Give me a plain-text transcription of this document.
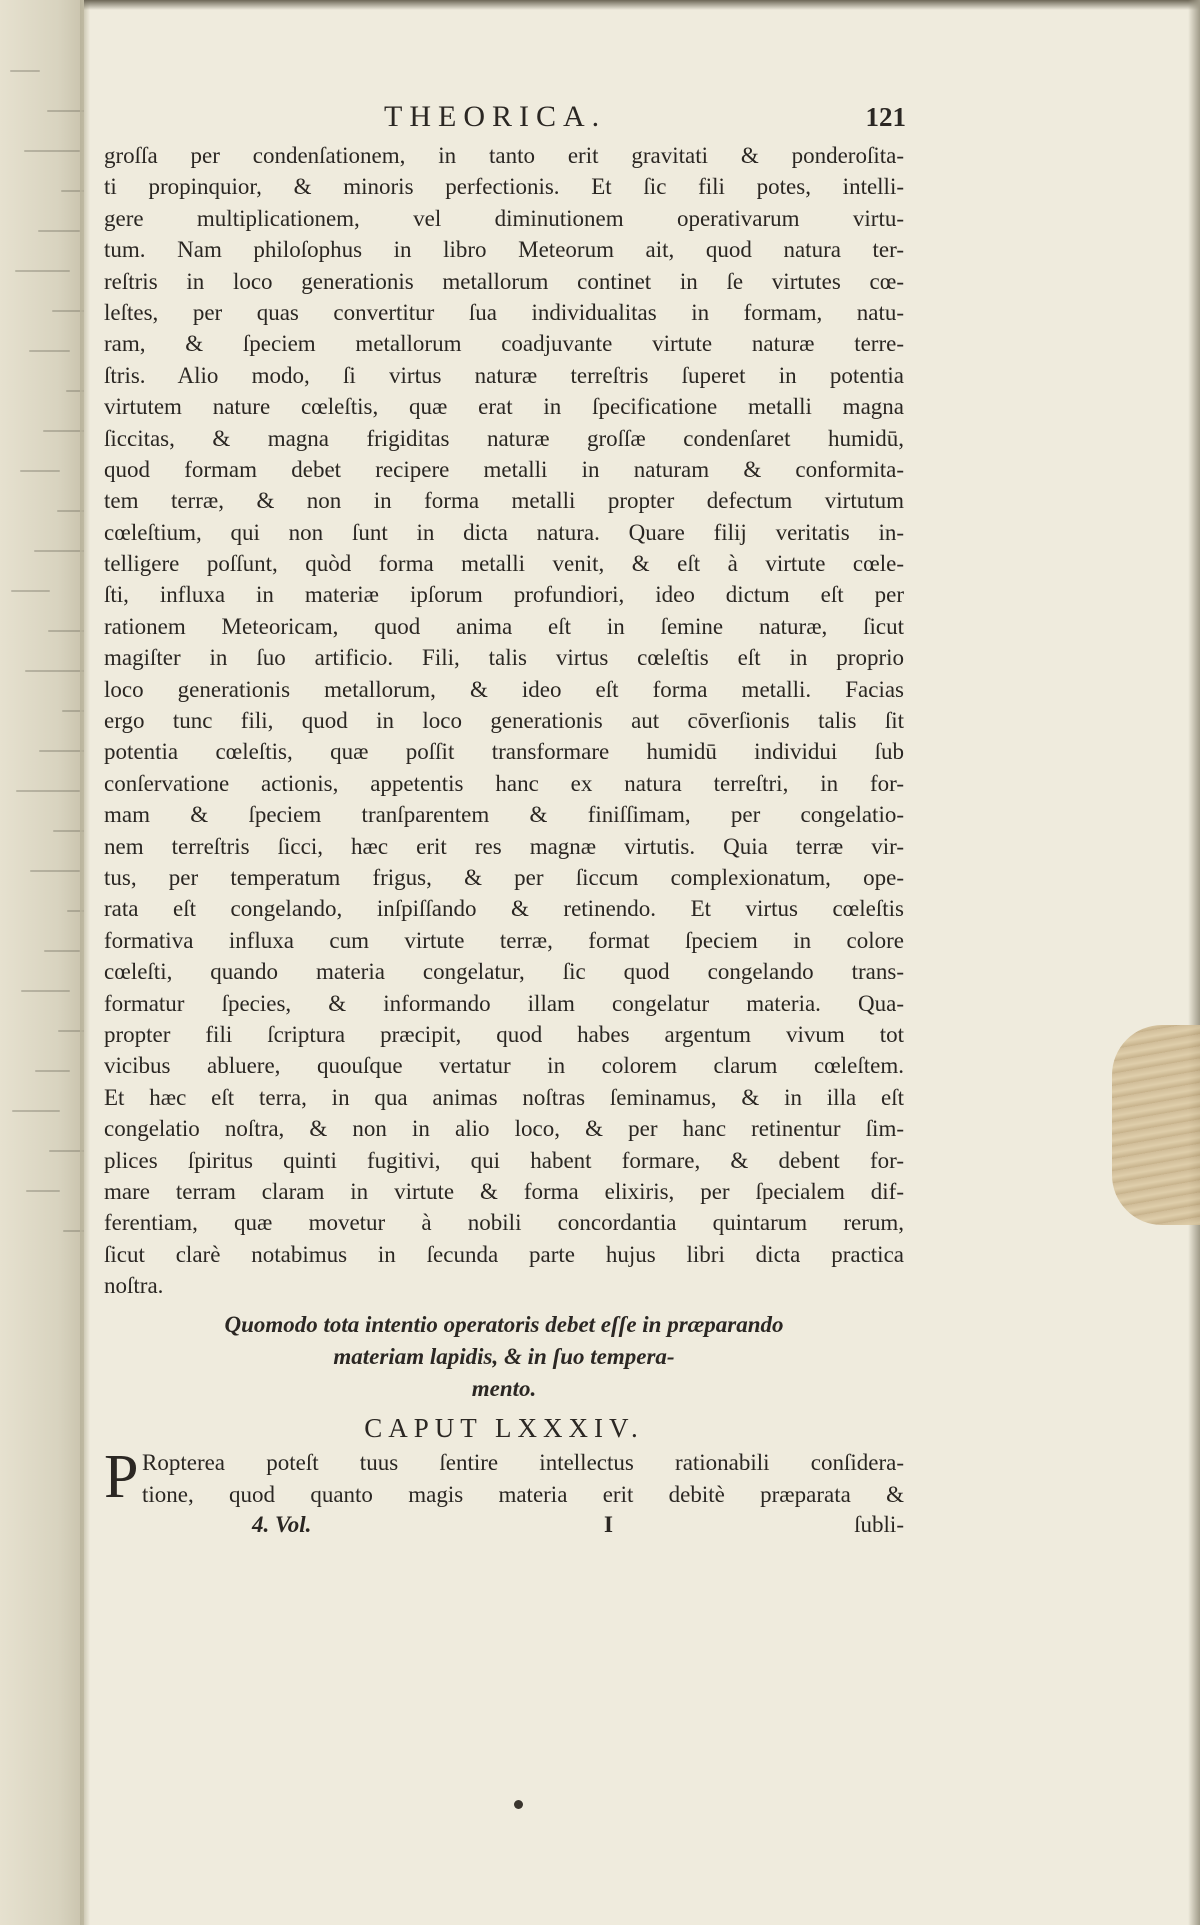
THEORICA.	121
groſſa per condenſationem, in tanto erit gravitati & ponderoſita-
ti propinquior, & minoris perfectionis. Et ſic fili potes, intelli-
gere multiplicationem, vel diminutionem operativarum virtu-
tum. Nam philoſophus in libro Meteorum ait, quod natura ter-
reſtris in loco generationis metallorum continet in ſe virtutes cœ-
leſtes, per quas convertitur ſua individualitas in formam, natu-
ram, & ſpeciem metallorum coadjuvante virtute naturæ terre-
ſtris. Alio modo, ſi virtus naturæ terreſtris ſuperet in potentia
virtutem nature cœleſtis, quæ erat in ſpecificatione metalli magna
ſiccitas, & magna frigiditas naturæ groſſæ condenſaret humidū,
quod formam debet recipere metalli in naturam & conformita-
tem terræ, & non in forma metalli propter defectum virtutum
cœleſtium, qui non ſunt in dicta natura. Quare filij veritatis in-
telligere poſſunt, quòd forma metalli venit, & eſt à virtute cœle-
ſti, influxa in materiæ ipſorum profundiori, ideo dictum eſt per
rationem Meteoricam, quod anima eſt in ſemine naturæ, ſicut
magiſter in ſuo artificio. Fili, talis virtus cœleſtis eſt in proprio
loco generationis metallorum, & ideo eſt forma metalli. Facias
ergo tunc fili, quod in loco generationis aut cōverſionis talis ſit
potentia cœleſtis, quæ poſſit transformare humidū individui ſub
conſervatione actionis, appetentis hanc ex natura terreſtri, in for-
mam & ſpeciem tranſparentem & finiſſimam, per congelatio-
nem terreſtris ſicci, hæc erit res magnæ virtutis. Quia terræ vir-
tus, per temperatum frigus, & per ſiccum complexionatum, ope-
rata eſt congelando, inſpiſſando & retinendo. Et virtus cœleſtis
formativa influxa cum virtute terræ, format ſpeciem in colore
cœleſti, quando materia congelatur, ſic quod congelando trans-
formatur ſpecies, & informando illam congelatur materia. Qua-
propter fili ſcriptura præcipit, quod habes argentum vivum tot
vicibus abluere, quouſque vertatur in colorem clarum cœleſtem.
Et hæc eſt terra, in qua animas noſtras ſeminamus, & in illa eſt
congelatio noſtra, & non in alio loco, & per hanc retinentur ſim-
plices ſpiritus quinti fugitivi, qui habent formare, & debent for-
mare terram claram in virtute & forma elixiris, per ſpecialem dif-
ferentiam, quæ movetur à nobili concordantia quintarum rerum,
ſicut clarè notabimus in ſecunda parte hujus libri dicta practica
noſtra.
Quomodo tota intentio operatoris debet eſſe in præparando
materiam lapidis, & in ſuo tempera-
mento.
CAPUT LXXXIV.
P Ropterea poteſt tuus ſentire intellectus rationabili conſidera-
tione, quod quanto magis materia erit debitè præparata &
4. Vol.	I	ſubli-
